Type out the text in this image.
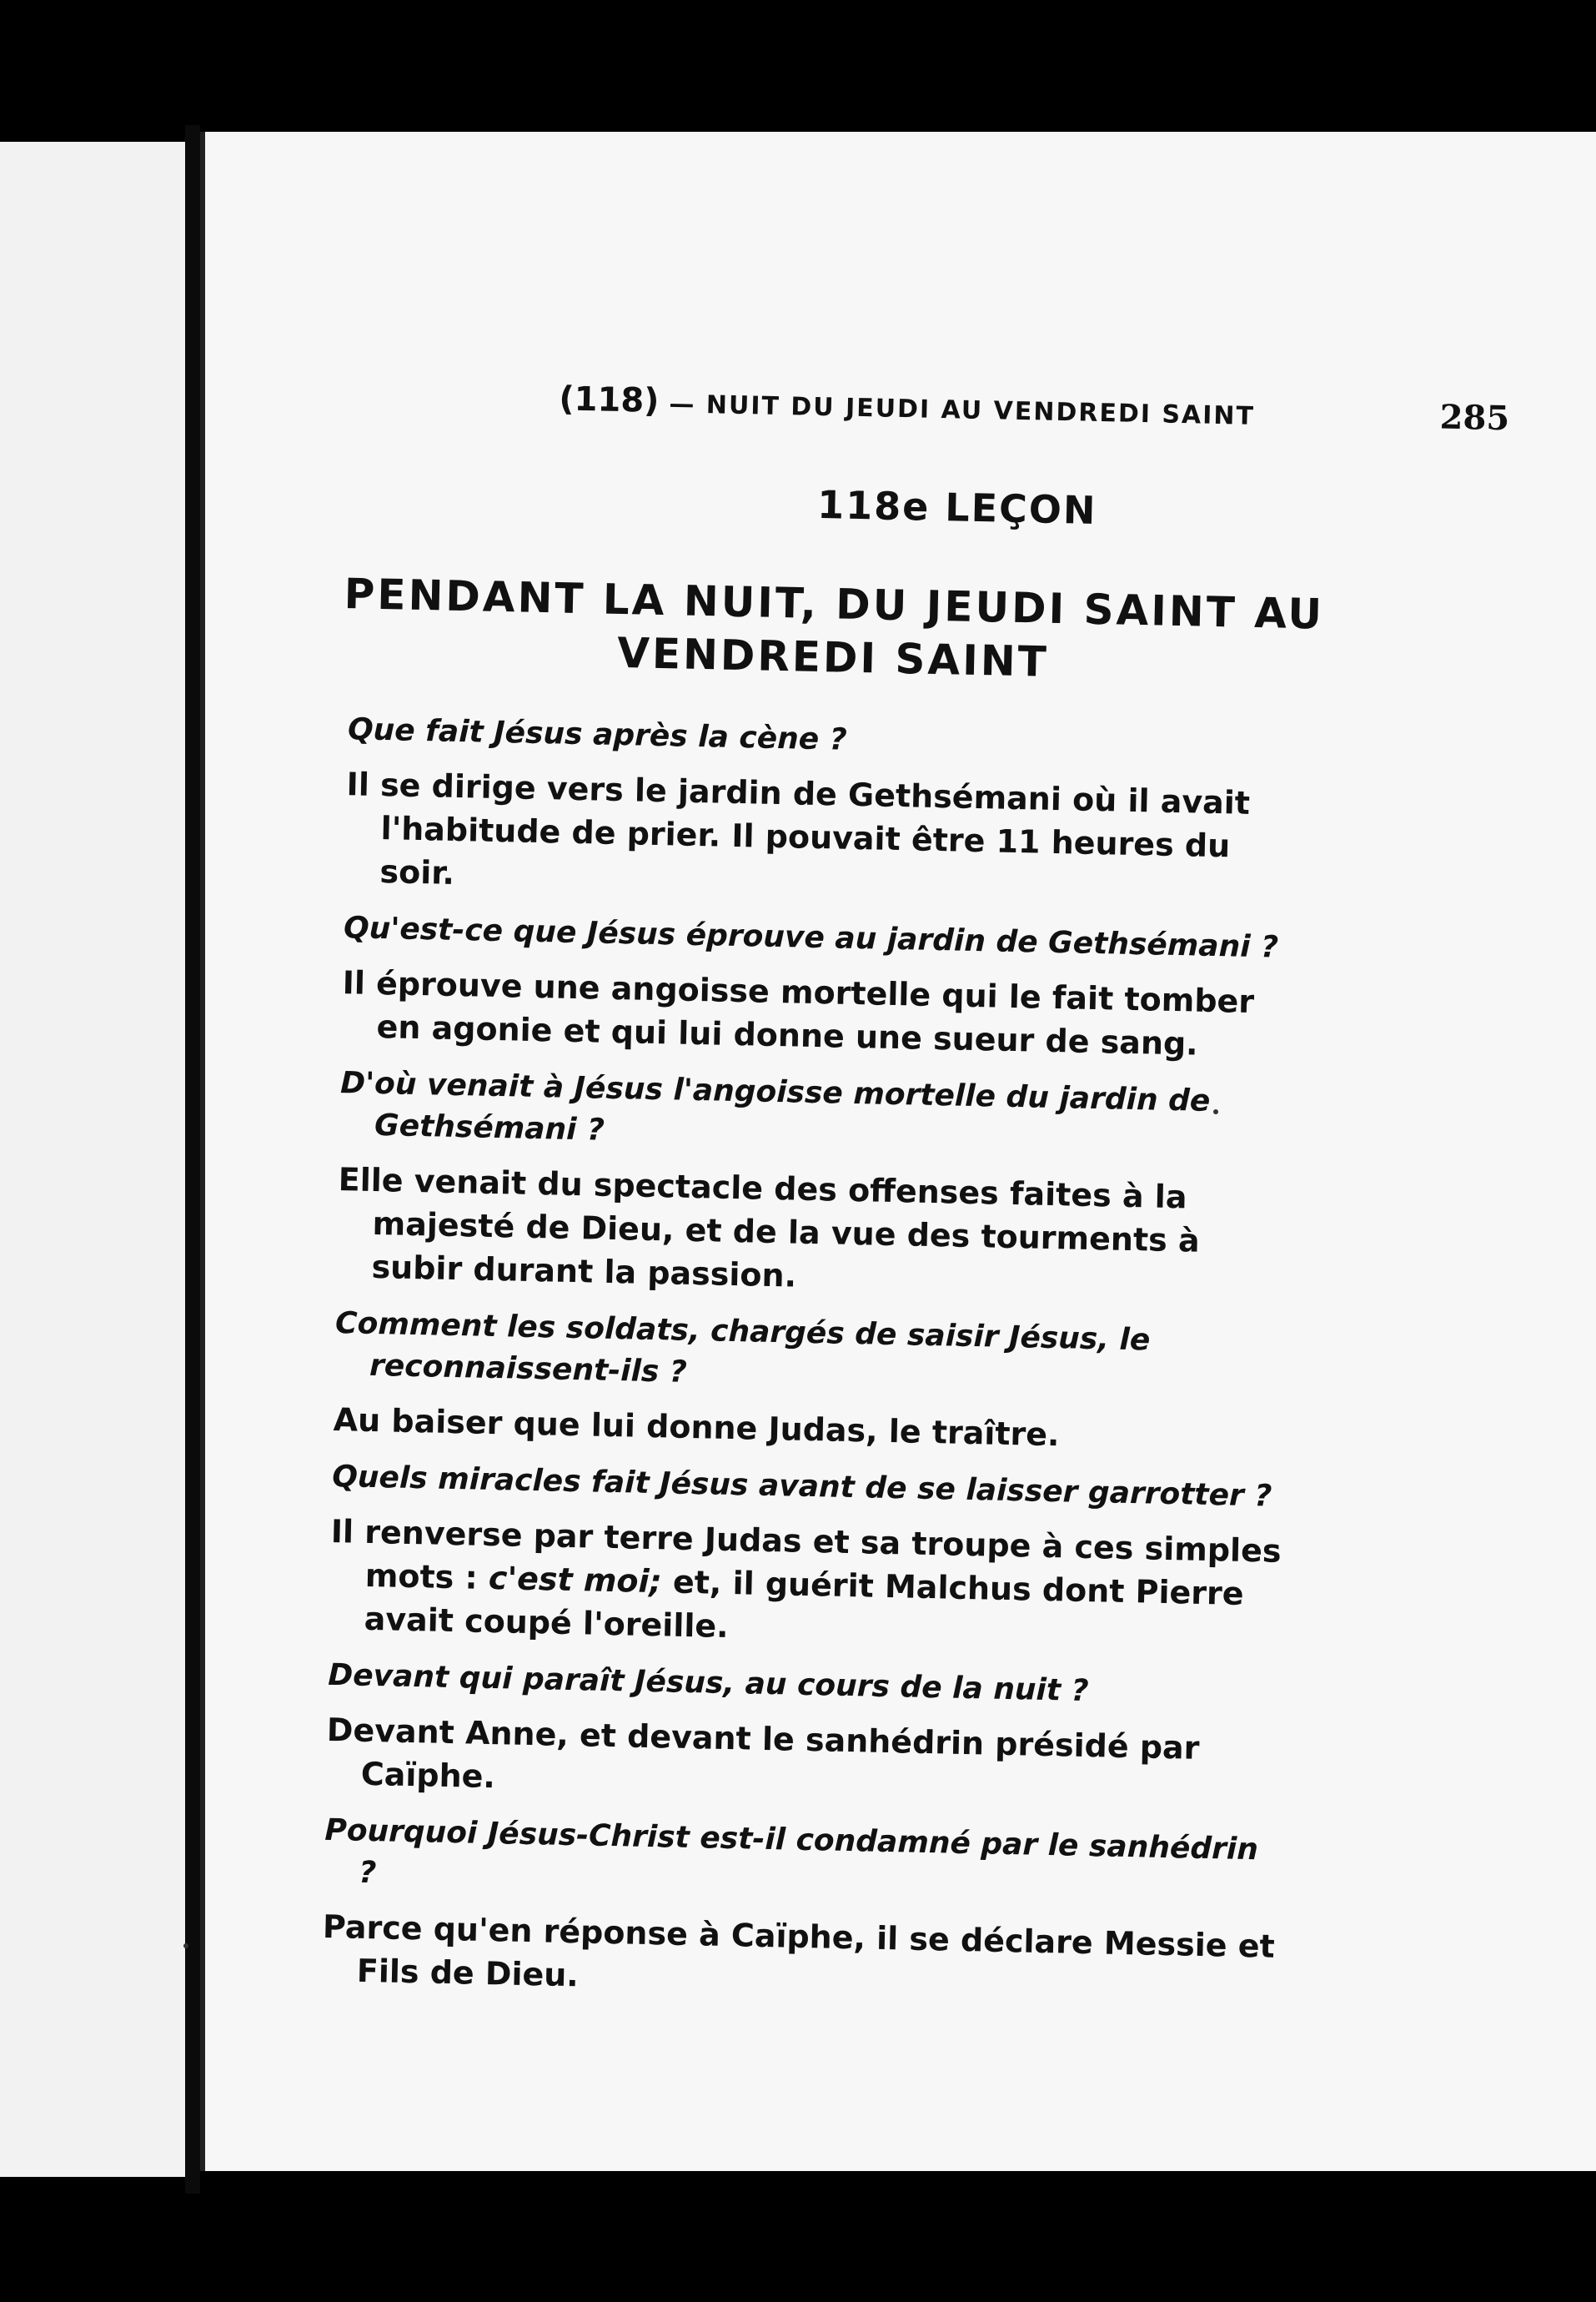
(118) — NUIT DU JEUDI AU VENDREDI SAINT	285
118e LEÇON
PENDANT LA NUIT, DU JEUDI SAINT AU VENDREDI SAINT
Que fait Jésus après la cène ?
Il se dirige vers le jardin de Gethsémani où il avait l'habitude de prier. Il pouvait être 11 heures du soir.
Qu'est-ce que Jésus éprouve au jardin de Gethsémani ?
Il éprouve une angoisse mortelle qui le fait tomber en agonie et qui lui donne une sueur de sang.
D'où venait à Jésus l'angoisse mortelle du jardin de Gethsémani ?
Elle venait du spectacle des offenses faites à la majesté de Dieu, et de la vue des tourments à subir durant la passion.
Comment les soldats, chargés de saisir Jésus, le reconnaissent-ils ?
Au baiser que lui donne Judas, le traître.
Quels miracles fait Jésus avant de se laisser garrotter ?
Il renverse par terre Judas et sa troupe à ces simples mots : c'est moi; et, il guérit Malchus dont Pierre avait coupé l'oreille.
Devant qui paraît Jésus, au cours de la nuit ?
Devant Anne, et devant le sanhédrin présidé par Caïphe.
Pourquoi Jésus-Christ est-il condamné par le sanhédrin ?
Parce qu'en réponse à Caïphe, il se déclare Messie et Fils de Dieu.
